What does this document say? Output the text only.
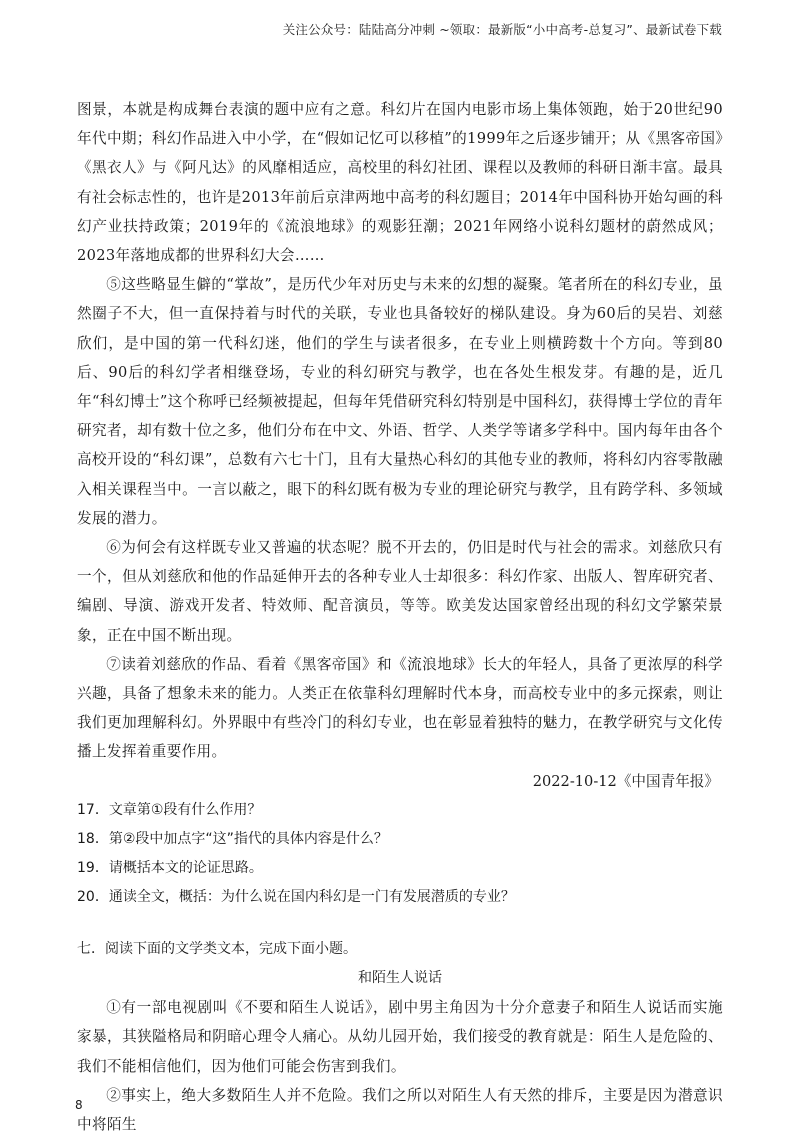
关注公众号：陆陆高分冲刺 ~领取：最新版“小中高考-总复习”、最新试卷下载

图景，本就是构成舞台表演的题中应有之意。科幻片在国内电影市场上集体领跑，始于20世纪90年代中期；科幻作品进入中小学，在“假如记忆可以移植”的1999年之后逐步铺开；从《黑客帝国》《黑衣人》与《阿凡达》的风靡相适应，高校里的科幻社团、课程以及教师的科研日渐丰富。最具有社会标志性的，也许是2013年前后京津两地中高考的科幻题目；2014年中国科协开始勾画的科幻产业扶持政策；2019年的《流浪地球》的观影狂潮；2021年网络小说科幻题材的蔚然成风；2023年落地成都的世界科幻大会……

⑤这些略显生僻的“掌故”，是历代少年对历史与未来的幻想的凝聚。笔者所在的科幻专业，虽然圈子不大，但一直保持着与时代的关联，专业也具备较好的梯队建设。身为60后的吴岩、刘慈欣们，是中国的第一代科幻迷，他们的学生与读者很多，在专业上则横跨数十个方向。等到80后、90后的科幻学者相继登场，专业的科幻研究与教学，也在各处生根发芽。有趣的是，近几年“科幻博士”这个称呼已经频被提起，但每年凭借研究科幻特别是中国科幻，获得博士学位的青年研究者，却有数十位之多，他们分布在中文、外语、哲学、人类学等诸多学科中。国内每年由各个高校开设的“科幻课”，总数有六七十门，且有大量热心科幻的其他专业的教师，将科幻内容零散融入相关课程当中。一言以蔽之，眼下的科幻既有极为专业的理论研究与教学，且有跨学科、多领域发展的潜力。

⑥为何会有这样既专业又普遍的状态呢？脱不开去的，仍旧是时代与社会的需求。刘慈欣只有一个，但从刘慈欣和他的作品延伸开去的各种专业人士却很多：科幻作家、出版人、智库研究者、编剧、导演、游戏开发者、特效师、配音演员，等等。欧美发达国家曾经出现的科幻文学繁荣景象，正在中国不断出现。

⑦读着刘慈欣的作品、看着《黑客帝国》和《流浪地球》长大的年轻人，具备了更浓厚的科学兴趣，具备了想象未来的能力。人类正在依靠科幻理解时代本身，而高校专业中的多元探索，则让我们更加理解科幻。外界眼中有些冷门的科幻专业，也在彰显着独特的魅力，在教学研究与文化传播上发挥着重要作用。

2022-10-12《中国青年报》

17．文章第①段有什么作用？

18．第②段中加点字“这”指代的具体内容是什么？

19．请概括本文的论证思路。

20．通读全文，概括：为什么说在国内科幻是一门有发展潜质的专业？

七．阅读下面的文学类文本，完成下面小题。

和陌生人说话

①有一部电视剧叫《不要和陌生人说话》，剧中男主角因为十分介意妻子和陌生人说话而实施家暴，其狭隘格局和阴暗心理令人痛心。从幼儿园开始，我们接受的教育就是：陌生人是危险的、我们不能相信他们，因为他们可能会伤害到我们。

②事实上，绝大多数陌生人并不危险。我们之所以对陌生人有天然的排斥，主要是因为潜意识中将陌生

8
